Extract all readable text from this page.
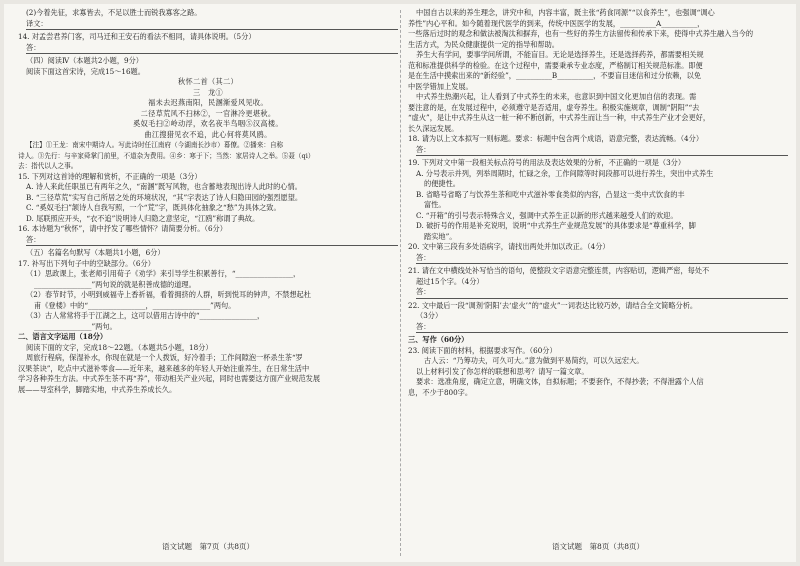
(2)今着先征，求寡皆去，不足以胜士而锐我寡客之路。

译文：

14. 对孟尝君养门客，司马迁和王安石的看法不相同，请具体说明。（5分）

答：

（四）阅读Ⅳ（本题共2小题，9分）

阅读下面这首宋诗，完成15～16题。

秋怀二首（其二）

三　龙①

福未去迟燕南阳，民溷渐爱风见收。

二径草荒风不扫林②，一官淋冷更堪秋。

奚奴毛扫②岭动浮，欢名夜半鸟咽⑤汉高楼。

曲江搜猎见衣不追，此心何将莫风鸥。

【注】①王龙：南宋中期诗人。写此诗时任江南府（今湖南长沙市）幕僚。②播来：自称

诗人。③先行：与辛家舜掌门前里，不道杂为费用。④乡：寒于下；当然：家居诗人之举。⑤聂（qi）

去：指代以人之事。

15. 下列对这首诗的理解和赏析，不正确的一项是（3分）

A. 诗人来此任职虽已有两年之久，“南溷”既写风物，也含蓄地表现出诗人此时的心情。

B. “三径草荒”实写自己所居之处的环境状况，“其”字表达了诗人归隐田园的强烈愿望。

C. “奚奴毛扫”颔诗人自我写照，一个“荒”字，既具体化抽象之“愁”为具体之致。

D. 尾联照应开头，“衣不追”说明诗人归隐之意坚定，“江鸥”称谓了典故。

16. 本诗题为“秋怀”，请中抒发了哪些情怀？请简要分析。（6分）

答：

（五）名篇名句默写（本题共1小题，6分）

17. 补写出下列句子中的空缺部分。（6分）

（1）思政课上，张老师引用荀子《劝学》来引导学生积累善行，“________________，

________________”两句说的就是积善成德的道理。

（2）春节时节，小明到威福寺上香祈福，看着拥挤的人群，听到悦耳的钟声，不禁想起杜

甫《登楼》中的“________________，________________”两句。

（3）古人常常将手于江湖之上，这可以借用古诗中的“________________，

________________”两句。

二、语言文字运用（18分）

阅读下面的文字，完成18～22题。（本题共5小题，18分）

周旅行程病，保湿补水，你现在就是一个人拨饭，好冷着手；工作间隙泡一杯杀生茶“罗

汉果茶诀”，吃点中式滋补零食——近年来，越来越多的年轻人开始注重养生，在日常生活中

学习各种养生方法。中式养生茶不再“养”，带动相关产业兴起，同时也需要这方面产业规范发展

展——导室科学，脚踏实地，中式养生养成长久。

语文试题　第7页（共8页）

中国自古以来的养生理念，讲究中和，内容丰富，既主张“药食同源”“以食养生”，也强调“调心

养性”内心平和。如今随着现代医学的到来，传统中医医学的发展，__________A__________，

一些落后过时的观念和做法被淘汰和摒弃，也有一些好的养生方法留传和传承下来，使得中式养生融入当今的

生活方式，为民众健康提供一定的指导和帮助。

养生大有学问，要事学问所谓，不能盲目。无论是选择养生，还是选择药养，都需要相关规

范和标准提供科学的检验。在这个过程中，需要秉承专业态度，严格制订相关规范标准。即便

是在生活中摸索出来的“新经验”，__________B__________，不要盲目迷信和过分依赖，以免

中医学错加上发展。

中式养生热潮兴起，让人看到了中式养生的未来，也意识到中国文化更加自信的表现。需

要注意的是，在发展过程中，必须遵守是否适用，虚夸养生。积极实施规章，调制“阴阳”“去

“虚火”，是让中式养生从这一桩一种不断创新，中式养生而让当一种，中式养生产业才会更好，

长久深远发展。

18. 请为以上文本拟写一则标题。要求：标题中包含两个成语，语意完整，表达流畅。（4分）

答：

19. 下列对文中第一段相关标点符号的用法及表达效果的分析，不正确的一项是（3分）

A. 分号表示并列，列举周期时，忙碌之余，工作间隙等时间段都可以进行养生，突出中式养生

的便捷性。

B. 省略号省略了与饮养生茶和吃中式滋补零食类似的内容，凸显这一类中式饮食的丰

富性。

C. “开箱”的引号表示特殊含义，强调中式养生正以新的形式越来越受人们的欢迎。

D. 破折号的作用是补充说明，说明“中式养生产业规范发展”的具体要求是“尊重科学，脚

踏实地”。

20. 文中第三段有多处语病字，请找出两处并加以改正。（4分）

答：

21. 请在文中横线处补写恰当的语句，使整段文字语意完整连贯，内容贴切，逻辑严密，每处不

超过15个字。（4分）

答：

22. 文中最后一段“调剂‘阴阳’去‘虚火’”的“虚火”一词表达比较巧妙，请结合全文简略分析。

（3分）

答：

三、写作（60分）

23. 阅读下面的材料，根据要求写作。（60分）

古人云：“乃筹功夫，可久可大。”意为做到平易简约，可以久远宏大。

以上材料引发了你怎样的联想和思考？请写一篇文章。

要求：选准角度，确定立意，明确文体，自拟标题；不要套作，不得抄袭；不得泄露个人信

息，不少于800字。

语文试题　第8页（共8页）
